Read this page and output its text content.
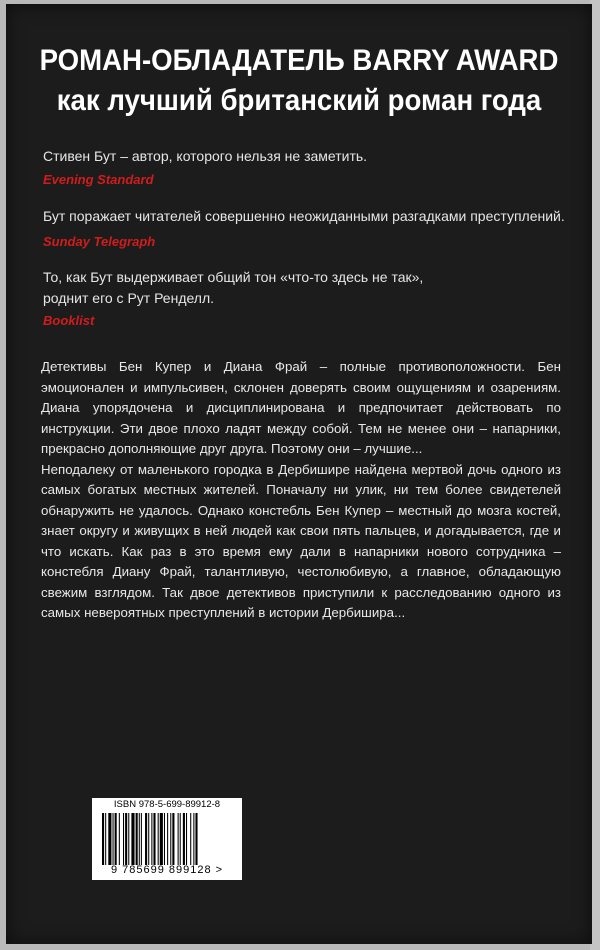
РОМАН-ОБЛАДАТЕЛЬ BARRY AWARD
как лучший британский роман года
Стивен Бут – автор, которого нельзя не заметить.
Evening Standard
Бут поражает читателей совершенно неожиданными разгадками преступлений.
Sunday Telegraph
То, как Бут выдерживает общий тон «что-то здесь не так»,
роднит его с Рут Ренделл.
Booklist

Детективы Бен Купер и Диана Фрай – полные противоположности. Бен эмоционален и импульсивен, склонен доверять своим ощущениям и озарениям. Диана упорядочена и дисциплинирована и предпочитает действовать по инструкции. Эти двое плохо ладят между собой. Тем не менее они – напарники, прекрасно дополняющие друг друга. Поэтому они – лучшие...

Неподалеку от маленького городка в Дербишире найдена мертвой дочь одного из самых богатых местных жителей. Поначалу ни улик, ни тем более свидетелей обнаружить не удалось. Однако констебль Бен Купер – местный до мозга костей, знает округу и живущих в ней людей как свои пять пальцев, и догадывается, где и что искать. Как раз в это время ему дали в напарники нового сотрудника – констебля Диану Фрай, талантливую, честолюбивую, а главное, обладающую свежим взглядом. Так двое детективов приступили к расследованию одного из самых невероятных преступлений в истории Дербишира...

ISBN 978-5-699-89912-8
9 785699 899128 >
